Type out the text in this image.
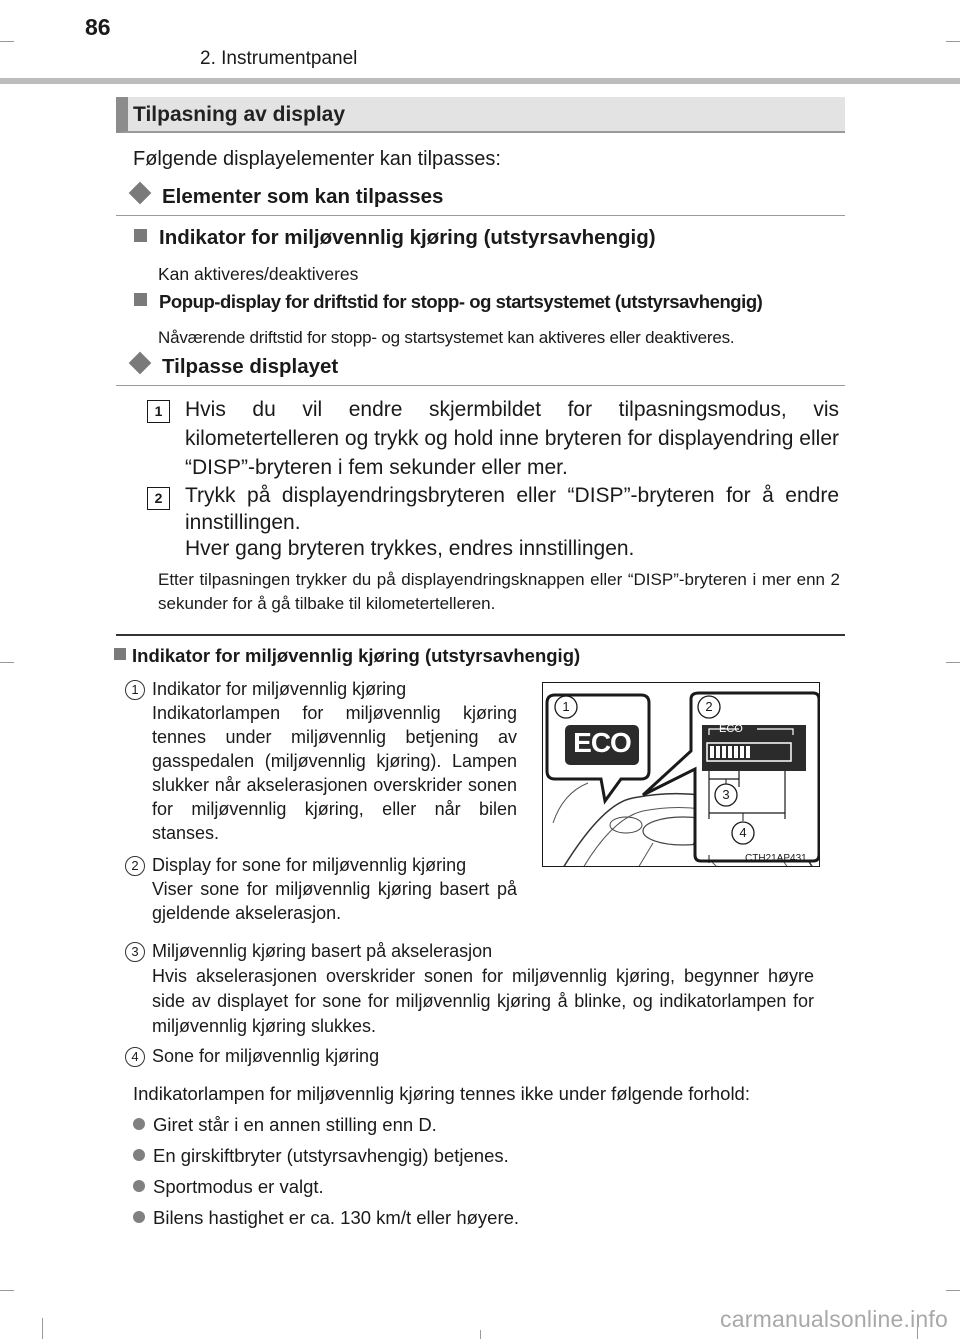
86
2. Instrumentpanel
Tilpasning av display
Følgende displayelementer kan tilpasses:
Elementer som kan tilpasses
Indikator for miljøvennlig kjøring (utstyrsavhengig)
Kan aktiveres/deaktiveres
Popup-display for driftstid for stopp- og startsystemet (utstyrsavhengig)
Nåværende driftstid for stopp- og startsystemet kan aktiveres eller deaktiveres.
Tilpasse displayet
1	Hvis du vil endre skjermbildet for tilpasningsmodus, vis kilometertelleren og trykk og hold inne bryteren for displayendring eller “DISP”-bryteren i fem sekunder eller mer.
2	Trykk på displayendringsbryteren eller “DISP”-bryteren for å endre innstillingen.
Hver gang bryteren trykkes, endres innstillingen.
Etter tilpasningen trykker du på displayendringsknappen eller “DISP”-bryteren i mer enn 2 sekunder for å gå tilbake til kilometertelleren.
Indikator for miljøvennlig kjøring (utstyrsavhengig)
1 Indikator for miljøvennlig kjøring
Indikatorlampen for miljøvennlig kjøring tennes under miljøvennlig betjening av gasspedalen (miljøvennlig kjøring). Lampen slukker når akselerasjonen overskrider sonen for miljøvennlig kjøring, eller når bilen stanses.
2 Display for sone for miljøvennlig kjøring
Viser sone for miljøvennlig kjøring basert på gjeldende akselerasjon.
ECO	ECO
1	2
3
4
CTH21AP431
3 Miljøvennlig kjøring basert på akselerasjon
Hvis akselerasjonen overskrider sonen for miljøvennlig kjøring, begynner høyre side av displayet for sone for miljøvennlig kjøring å blinke, og indikatorlampen for miljøvennlig kjøring slukkes.
4 Sone for miljøvennlig kjøring
Indikatorlampen for miljøvennlig kjøring tennes ikke under følgende forhold:
Giret står i en annen stilling enn D.
En girskiftbryter (utstyrsavhengig) betjenes.
Sportmodus er valgt.
Bilens hastighet er ca. 130 km/t eller høyere.
carmanualsonline.info
